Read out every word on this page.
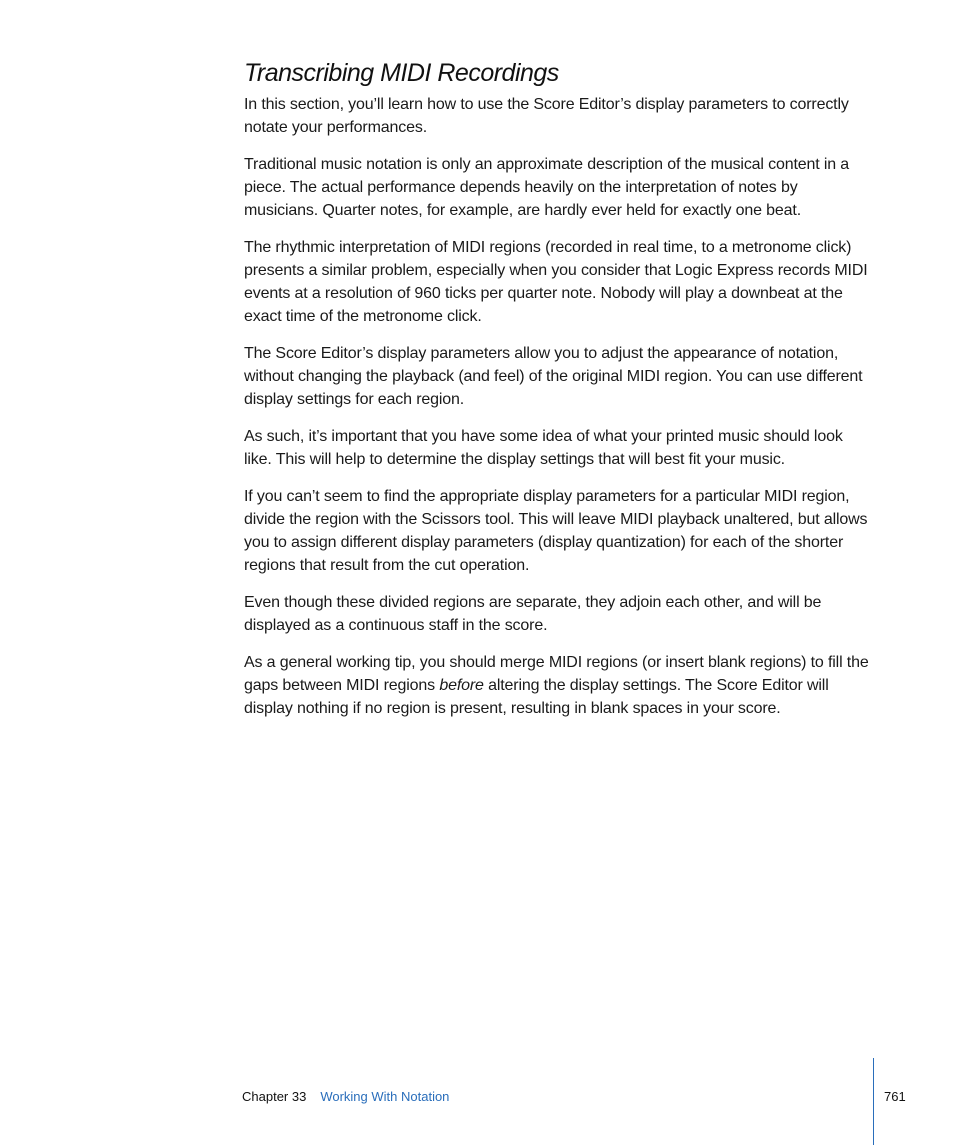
Transcribing MIDI Recordings

In this section, you’ll learn how to use the Score Editor’s display parameters to correctly notate your performances.

Traditional music notation is only an approximate description of the musical content in a piece. The actual performance depends heavily on the interpretation of notes by musicians. Quarter notes, for example, are hardly ever held for exactly one beat.

The rhythmic interpretation of MIDI regions (recorded in real time, to a metronome click) presents a similar problem, especially when you consider that Logic Express records MIDI events at a resolution of 960 ticks per quarter note. Nobody will play a downbeat at the exact time of the metronome click.

The Score Editor’s display parameters allow you to adjust the appearance of notation, without changing the playback (and feel) of the original MIDI region. You can use different display settings for each region.

As such, it’s important that you have some idea of what your printed music should look like. This will help to determine the display settings that will best fit your music.

If you can’t seem to find the appropriate display parameters for a particular MIDI region, divide the region with the Scissors tool. This will leave MIDI playback unaltered, but allows you to assign different display parameters (display quantization) for each of the shorter regions that result from the cut operation.

Even though these divided regions are separate, they adjoin each other, and will be displayed as a continuous staff in the score.

As a general working tip, you should merge MIDI regions (or insert blank regions) to fill the gaps between MIDI regions before altering the display settings. The Score Editor will display nothing if no region is present, resulting in blank spaces in your score.

Chapter 33 Working With Notation	761
